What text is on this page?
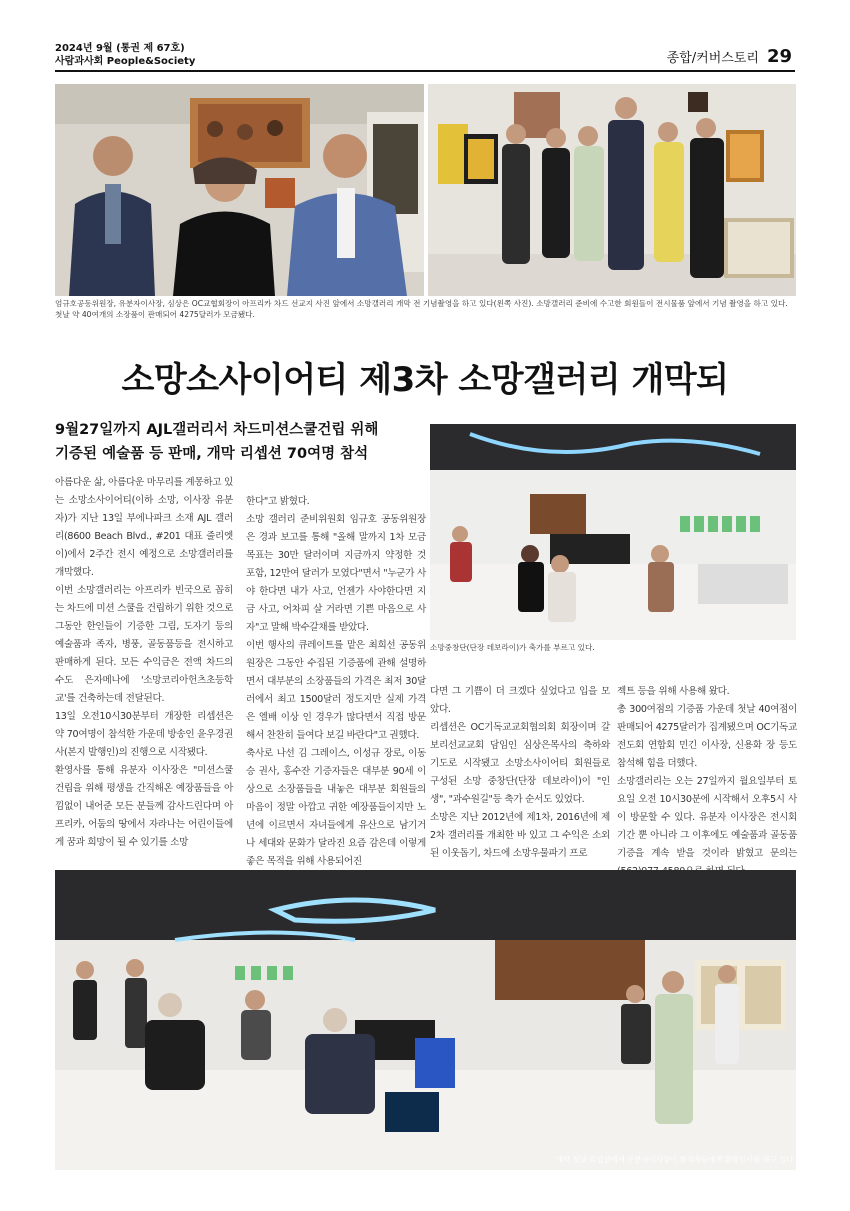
2024년 9월 (통권 제 67호)
사람과사회 People&Society	종합/커버스토리 29
엄규호공동위원장, 유분자이사장, 심상은 OC교협회장이 아프리카 차드 선교지 사진 앞에서 소망갤러리 개막 전 기념촬영을 하고 있다(왼쪽 사진). 소망갤러리 준비에 수고한 회원들이 전시물품 앞에서 기념 촬영을 하고 있다. 첫날 약 40여개의 소장품이 판매되어 4275달러가 모금됐다.
소망소사이어티 제3차 소망갤러리 개막되
9월27일까지 AJL갤러리서 차드미션스쿨건립 위해
기증된 예술품 등 판매, 개막 리셉션 70여명 참석
소망중창단(단장 데보라이)가 축가를 부르고 있다.
아름다운 삶, 아름다운 마무리를 계몽하고 있는 소망소사이어티(이하 소망, 이사장 유분자)가 지난 13일 부에나파크 소재 AJL 갤러리(8600 Beach Blvd., #201 대표 줄리엣이)에서 2주간 전시 예정으로 소망갤러리를 개막했다.
이번 소망갤러리는 아프리카 빈국으로 꼽히는 차드에 미션 스쿨을 건립하기 위한 것으로 그동안 한인들이 기증한 그림, 도자기 등의 예술품과 족자, 병풍, 골동품등을 전시하고 판매하게 된다. 모든 수익금은 전액 차드의 수도 은자메나에 '소망코리아헌츠초등학교'를 건축하는데 전달된다.
13일 오전10시30분부터 개장한 리셉션은 약 70여명이 참석한 가운데 방송인 윤우경권사(본지 발행인)의 진행으로 시작됐다.
환영사를 통해 유분자 이사장은 "미션스쿨 건립을 위해 평생을 간직해온 예장품들을 아낌없이 내어준 모든 분들께 감사드린다며 아프리카, 어둠의 땅에서 자라나는 어린이들에게 꿈과 희망이 될 수 있기를 소망
한다"고 밝혔다.
소망 갤러리 준비위원회 임규호 공동위원장은 경과 보고를 통해 "올해 말까지 1차 모금 목표는 30만 달러이며 지금까지 약정한 것 포함, 12만여 달러가 모였다"면서 "누군가 사야 한다면 내가 사고, 언젠가 사야한다면 지금 사고, 어차피 살 거라면 기쁜 마음으로 사자"고 말해 박수갈채를 받았다.
이번 행사의 큐레이트를 맡은 최희선 공동위원장은 그동안 수집된 기증품에 관해 설명하면서 대부분의 소장품들의 가격은 최저 30달러에서 최고 1500달러 정도지만 실제 가격은 엘배 이상 인 경우가 많다면서 직접 방문해서 찬찬히 들여다 보길 바란다"고 권했다.
축사로 나선 김 그레이스, 이성규 장로, 이동승 권사, 홍수잔 기증자들은 대부분 90세 이상으로 소장품들을 내놓은 대부분 회원들의 마음이 정말 아깝고 귀한 예장품들이지만 노년에 이르면서 자녀들에게 유산으로 남기거나 세대와 문화가 달라진 요즘 감은데 이렇게 좋은 목적을 위해 사용되어진
다면 그 기쁨이 더 크겠다 싶었다고 입을 모았다.
리셉션은 OC기독교교회협의회 회장이며 갈보리선교교회 담임인 심상은목사의 축하와 기도로 시작됐고 소망소사이어티 회원들로 구성된 소망 중창단(단장 데보라이)이 "인생", "과수원길"등 축가 순서도 있었다.
소망은 지난 2012년에 제1차, 2016년에 제2차 갤러리를 개최한 바 있고 그 수익은 소외된 이웃돕기, 차드에 소망우물파기 프로
젝트 등을 위해 사용해 왔다.
총 300여점의 기증품 가운데 첫날 40여점이 판매되어 4275달러가 집계됐으며 OC기독교 전도회 연합회 민긴 이사장, 신용화 장 등도 참석해 힘을 더했다.
소망갤러리는 오는 27일까지 월요일부터 토요일 오전 10시30분에 시작해서 오후5시 사이 방문할 수 있다. 유분자 이사장은 전시회 기간 뿐 아니라 그 이후에도 예술품과 골동품 기증을 계속 받을 것이라 밝혔고 문의는
개막 첫날 리셉션에서 유분자이사장이 참석자들에게 환영인사를 하고 있다.
